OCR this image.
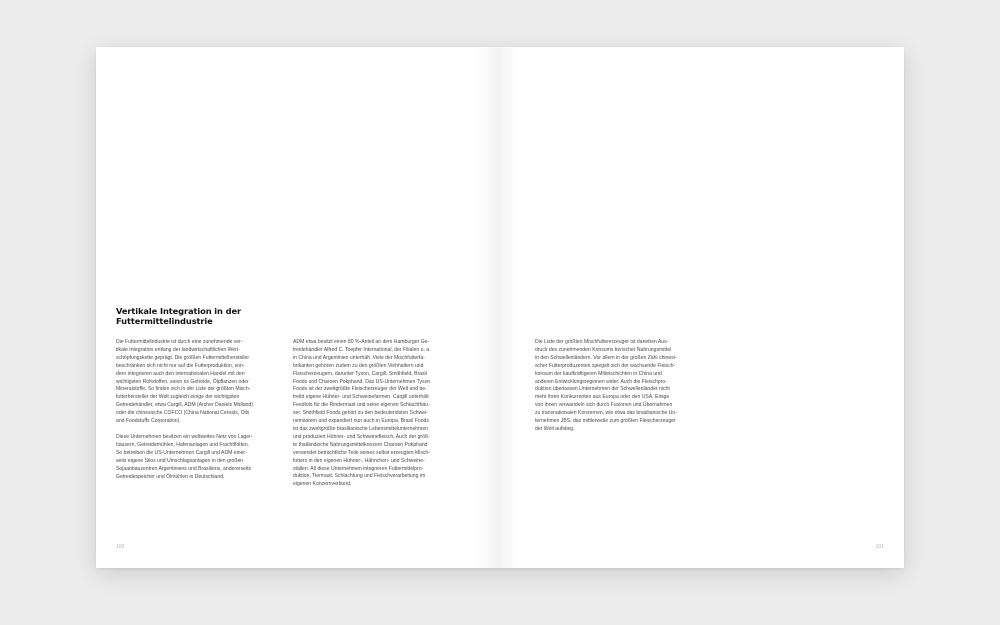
Vertikale Integration in der
Futtermittelindustrie

Die Futtermittelindustrie ist durch eine zunehmende ver-
tikale Integration entlang der landwirtschaftlichen Wert-
schöpfungskette geprägt. Die größten Futtermittelhersteller
beschränken sich nicht nur auf die Futterproduktion, son-
dern integrieren auch den internationalen Handel mit den
wichtigsten Rohstoffen, seien es Getreide, Ölpflanzen oder
Mineralstoffe. So finden sich in der Liste der größten Misch-
futterhersteller der Welt zugleich einige der wichtigsten
Getreidehändler, etwa Cargill, ADM (Archer Daniels Midland)
oder die chinesische COFCO (China National Cereals, Oils
and Foodstuffs Corporation).

Diese Unternehmen besitzen ein weltweites Netz von Lager-
häusern, Getreidemühlen, Hafenanlagen und Frachtflotten.
So betreiben die US-Unternehmen Cargill und ADM einer-
seits eigene Silos und Umschlagsanlagen in den großen
Sojaanbauzentren Argentiniens und Brasiliens, andererseits
Getreidespeicher und Ölmühlen in Deutschland.

ADM etwa besitzt einen 80 %-Anteil an dem Hamburger Ge-
treidehändler Alfred C. Toepfer International, der Filialen u. a.
in China und Argentinien unterhält. Viele der Mischfutterfa-
brikanten gehören zudem zu den größten Viehhaltern und
Fleischerzeugern, darunter Tyson, Cargill, Smithfield, Brasil
Foods und Charoen Pokphand. Das US-Unternehmen Tyson
Foods ist der zweitgrößte Fleischerzeuger der Welt und be-
treibt eigene Hühner- und Schweinefarmen. Cargill unterhält
Feedlots für die Rindermast und seine eigenen Schlachthäu-
ser. Smithfield Foods gehört zu den bedeutendsten Schwei-
nemästern und expandiert nun auch in Europa. Brasil Foods
ist das zweitgrößte brasilianische Lebensmittelunternehmen
und produziert Hühner- und Schweinefleisch. Auch der größ-
te thailändische Nahrungsmittelkonzern Charoen Pokphand
verwendet beträchtliche Teile seines selbst erzeugten Misch-
futters in den eigenen Hühner-, Hähnchen- und Schweine-
ställen. All diese Unternehmen integrieren Futtermittelpro-
duktion, Tiermast, Schlachtung und Fleischverarbeitung im
eigenen Konzernverbund.

100

Die Liste der größten Mischfuttererzeuger ist daneben Aus-
druck des zunehmenden Konsums tierischer Nahrungsmittel
in den Schwellenländern. Vor allem in der großen Zahl chinesi-
scher Futterproduzenten spiegelt sich der wachsende Fleisch-
konsum der kaufkräftigeren Mittelschichten in China und
anderen Entwicklungsregionen wider. Auch die Fleischpro-
duktion überlassen Unternehmen der Schwellenländer nicht
mehr ihren Konkurrenten aus Europa oder den USA. Einige
von ihnen verwandeln sich durch Fusionen und Übernahmen
zu transnationalen Konzernen, wie etwa das brasilianische Un-
ternehmen JBS, das mittlerweile zum größten Fleischerzeuger
der Welt aufstieg.

101
